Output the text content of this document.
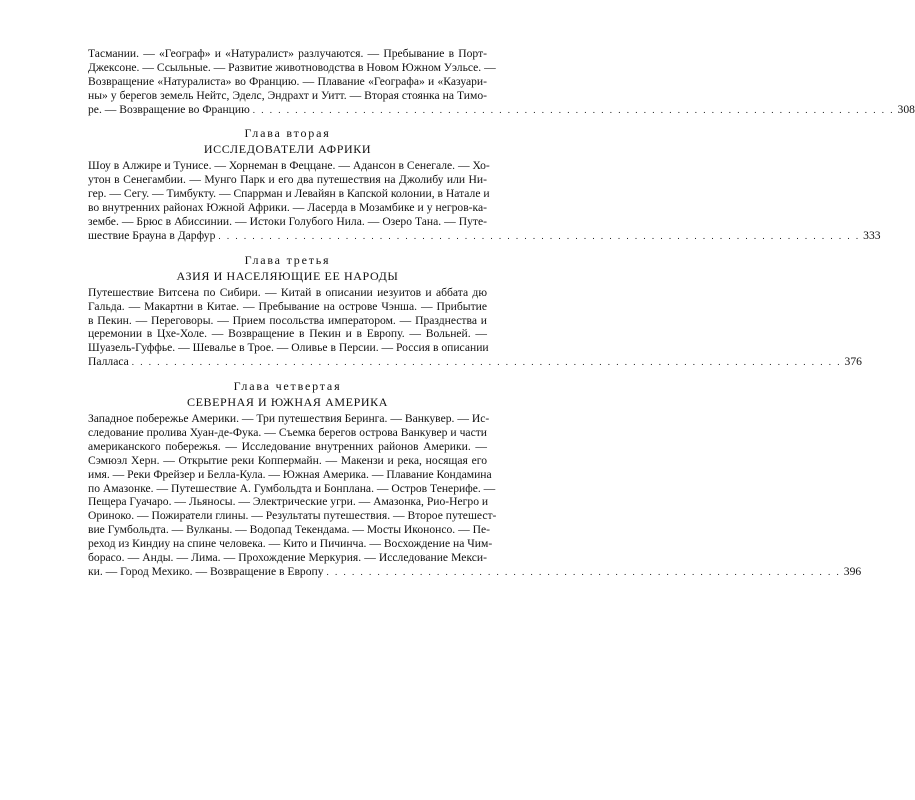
Тасмании. — «Географ» и «Натуралист» разлучаются. — Пребывание в Порт-
Джексоне. — Ссыльные. — Развитие животноводства в Новом Южном Уэльсе. —
Возвращение «Натуралиста» во Францию. — Плавание «Географа» и «Казуари-
ны» у берегов земель Нейтс, Эделс, Эндрахт и Уитт. — Вторая стоянка на Тимо-
ре. — Возвращение во Францию . . . . . . . . . . . . . . . . . . . . . . . . . . . . . . . . . . . . . . . . . . . . . . . . . . . . . . . . . . . . . . . . . . . . . . . . . . . . 308
Глава вторая
ИССЛЕДОВАТЕЛИ АФРИКИ
Шоу в Алжире и Тунисе. — Хорнеман в Феццане. — Адансон в Сенегале. — Хо-
утон в Сенегамбии. — Мунго Парк и его два путешествия на Джолибу или Ни-
гер. — Сегу. — Тимбукту. — Спаррман и Левайян в Капской колонии, в Натале и
во внутренних районах Южной Африки. — Ласерда в Мозамбике и у негров-ка-
зембе. — Брюс в Абиссинии. — Истоки Голубого Нила. — Озеро Тана. — Путе-
шествие Брауна в Дарфур . . . . . . . . . . . . . . . . . . . . . . . . . . . . . . . . . . . . . . . . . . . . . . . . . . . . . . . . . . . . . . . . . . . . . . . . . . . . 333
Глава третья
АЗИЯ И НАСЕЛЯЮЩИЕ ЕЕ НАРОДЫ
Путешествие Витсена по Сибири. — Китай в описании иезуитов и аббата дю
Гальда. — Макартни в Китае. — Пребывание на острове Чэнша. — Прибытие
в Пекин. — Переговоры. — Прием посольства императором. — Празднества и
церемонии в Цхе-Холе. — Возвращение в Пекин и в Европу. — Вольней. —
Шуазель-Гуффье. — Шевалье в Трое. — Оливье в Персии. — Россия в описании
Палласа . . . . . . . . . . . . . . . . . . . . . . . . . . . . . . . . . . . . . . . . . . . . . . . . . . . . . . . . . . . . . . . . . . . . . . . . . . . . . . . . . . . . 376
Глава четвертая
СЕВЕРНАЯ И ЮЖНАЯ АМЕРИКА
Западное побережье Америки. — Три путешествия Беринга. — Ванкувер. — Ис-
следование пролива Хуан-де-Фука. — Съемка берегов острова Ванкувер и части
американского побережья. — Исследование внутренних районов Америки. —
Сэмюэл Херн. — Открытие реки Коппермайн. — Макензи и река, носящая его
имя. — Реки Фрейзер и Белла-Кула. — Южная Америка. — Плавание Кондамина
по Амазонке. — Путешествие А. Гумбольдта и Бонплана. — Остров Тенерифе. —
Пещера Гуачаро. — Льяносы. — Электрические угри. — Амазонка, Рио-Негро и
Ориноко. — Пожиратели глины. — Результаты путешествия. — Второе путешест-
вие Гумбольдта. — Вулканы. — Водопад Текендама. — Мосты Икононсо. — Пе-
реход из Киндиу на спине человека. — Кито и Пичинча. — Восхождение на Чим-
борасо. — Анды. — Лима. — Прохождение Меркурия. — Исследование Мекси-
ки. — Город Мехико. — Возвращение в Европу . . . . . . . . . . . . . . . . . . . . . . . . . . . . . . . . . . . . . . . . . . . . . . . . . . . . . . . . . . . . . 396
